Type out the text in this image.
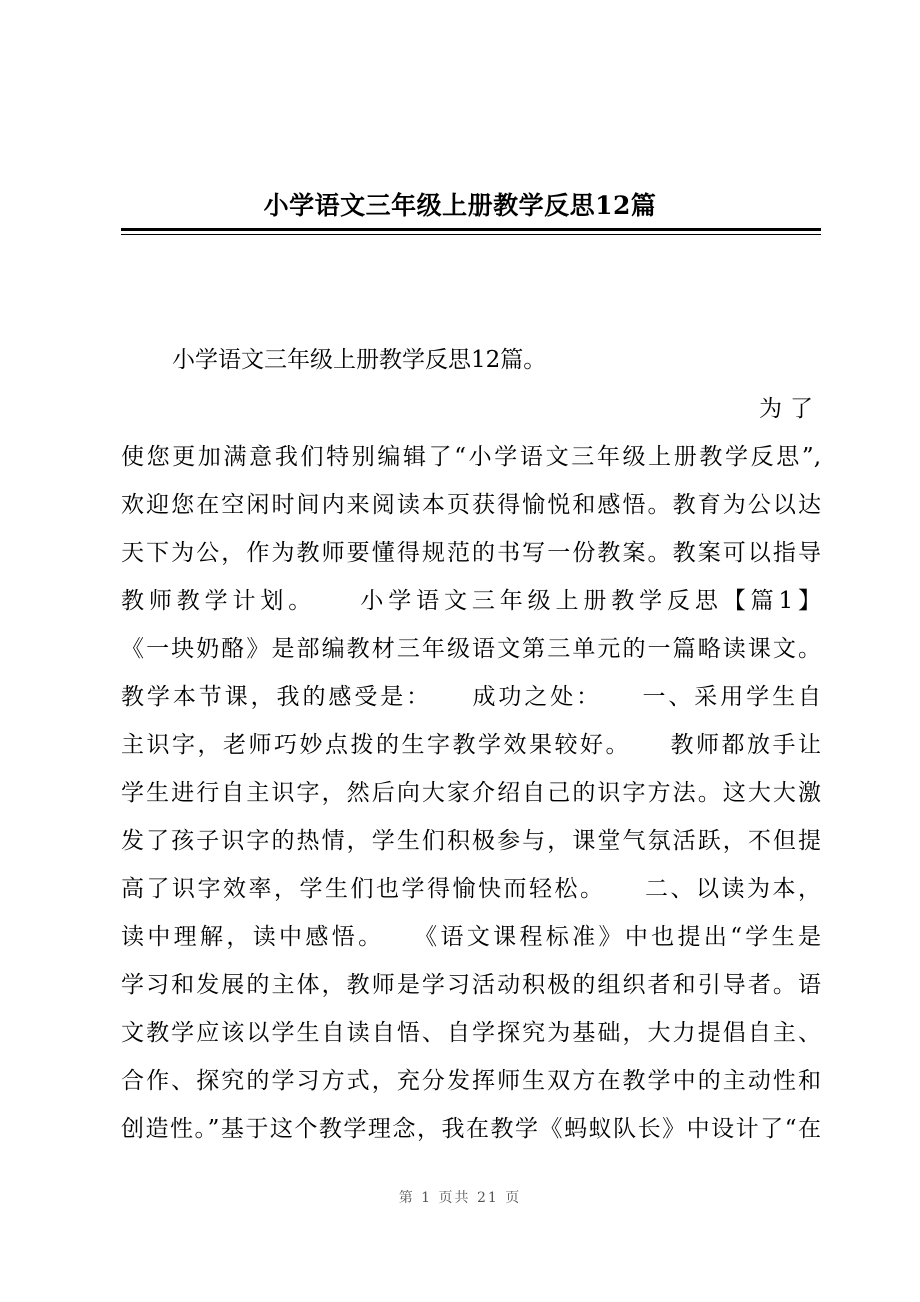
小学语文三年级上册教学反思12篇
小学语文三年级上册教学反思12篇。
为了
使您更加满意我们特别编辑了“小学语文三年级上册教学反思”,
欢迎您在空闲时间内来阅读本页获得愉悦和感悟。教育为公以达
天下为公，作为教师要懂得规范的书写一份教案。教案可以指导
教师教学计划。　　小学语文三年级上册教学反思【篇1】
《一块奶酪》是部编教材三年级语文第三单元的一篇略读课文。
教学本节课，我的感受是：　　成功之处：　　一、采用学生自
主识字，老师巧妙点拨的生字教学效果较好。　　教师都放手让
学生进行自主识字，然后向大家介绍自己的识字方法。这大大激
发了孩子识字的热情，学生们积极参与，课堂气氛活跃，不但提
高了识字效率，学生们也学得愉快而轻松。　　二、以读为本，
读中理解，读中感悟。　　《语文课程标准》中也提出“学生是
学习和发展的主体，教师是学习活动积极的组织者和引导者。语
文教学应该以学生自读自悟、自学探究为基础，大力提倡自主、
合作、探究的学习方式，充分发挥师生双方在教学中的主动性和
创造性。”基于这个教学理念，我在教学《蚂蚁队长》中设计了“在
第 1 页共 21 页
